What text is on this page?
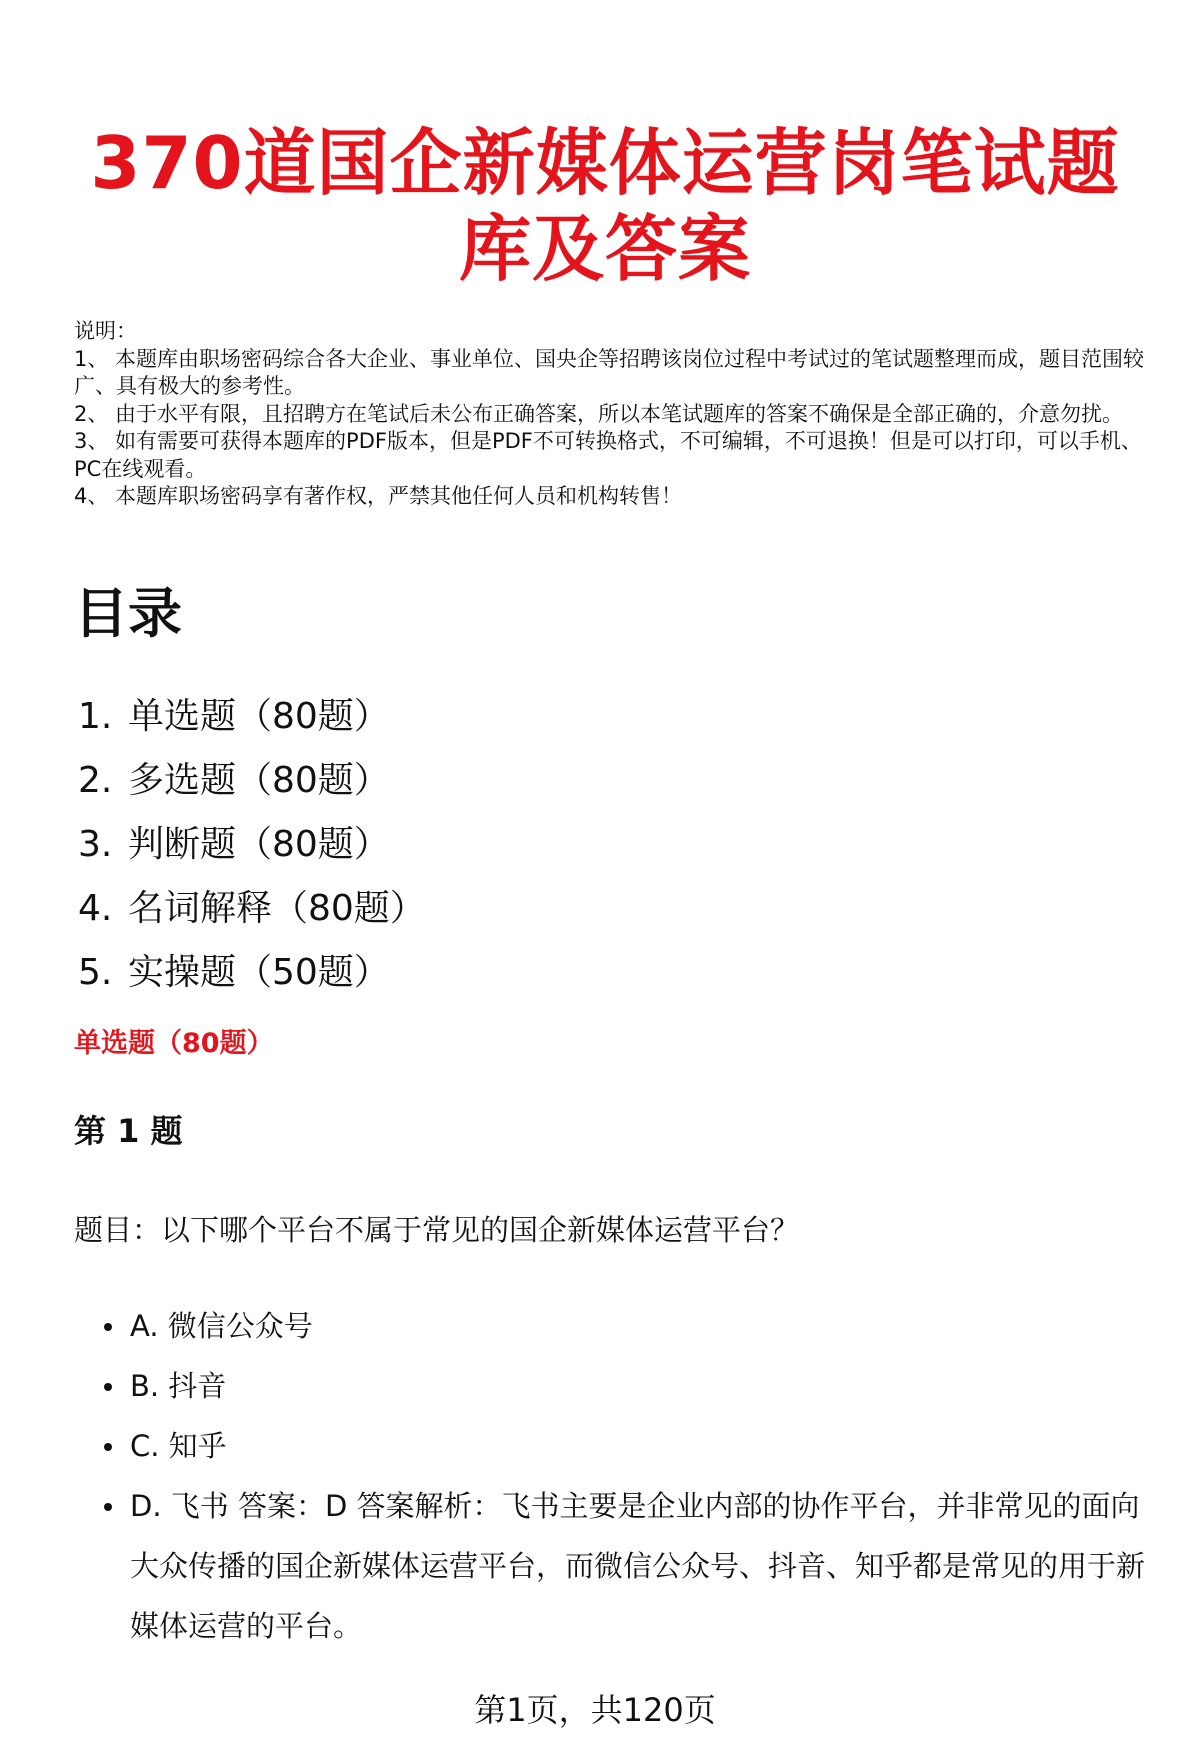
370道国企新媒体运营岗笔试题库及答案
说明：
1、 本题库由职场密码综合各大企业、事业单位、国央企等招聘该岗位过程中考试过的笔试题整理而成，题目范围较广、具有极大的参考性。
2、 由于水平有限，且招聘方在笔试后未公布正确答案，所以本笔试题库的答案不确保是全部正确的，介意勿扰。
3、 如有需要可获得本题库的PDF版本，但是PDF不可转换格式，不可编辑，不可退换！但是可以打印，可以手机、PC在线观看。
4、 本题库职场密码享有著作权，严禁其他任何人员和机构转售！
目录
1. 单选题（80题）
2. 多选题（80题）
3. 判断题（80题）
4. 名词解释（80题）
5. 实操题（50题）
单选题（80题）
第 1 题
题目：以下哪个平台不属于常见的国企新媒体运营平台？
A. 微信公众号
B. 抖音
C. 知乎
D. 飞书 答案：D 答案解析：飞书主要是企业内部的协作平台，并非常见的面向大众传播的国企新媒体运营平台，而微信公众号、抖音、知乎都是常见的用于新媒体运营的平台。
第1页，共120页
